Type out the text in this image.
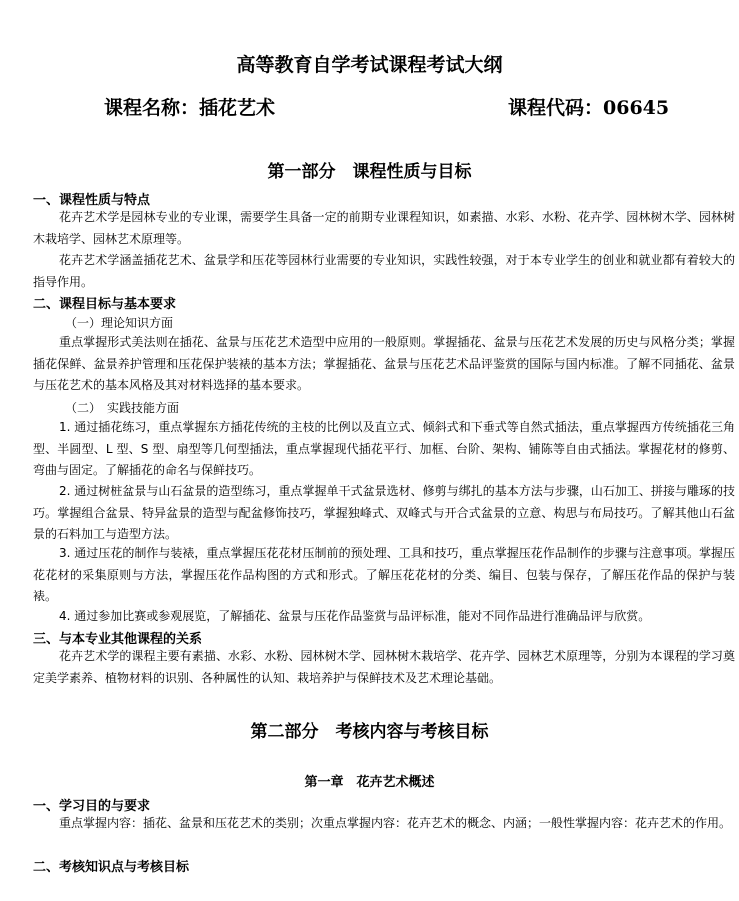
高等教育自学考试课程考试大纲
课程名称：插花艺术	课程代码：06645
第一部分　课程性质与目标
一、课程性质与特点
花卉艺术学是园林专业的专业课，需要学生具备一定的前期专业课程知识，如素描、水彩、水粉、花卉学、园林树木学、园林树木栽培学、园林艺术原理等。
花卉艺术学涵盖插花艺术、盆景学和压花等园林行业需要的专业知识，实践性较强，对于本专业学生的创业和就业都有着较大的指导作用。
二、课程目标与基本要求
（一）理论知识方面
重点掌握形式美法则在插花、盆景与压花艺术造型中应用的一般原则。掌握插花、盆景与压花艺术发展的历史与风格分类；掌握插花保鲜、盆景养护管理和压花保护装裱的基本方法；掌握插花、盆景与压花艺术品评鉴赏的国际与国内标准。了解不同插花、盆景与压花艺术的基本风格及其对材料选择的基本要求。
（二）　实践技能方面
1. 通过插花练习，重点掌握东方插花传统的主枝的比例以及直立式、倾斜式和下垂式等自然式插法，重点掌握西方传统插花三角型、半圆型、L 型、S 型、扇型等几何型插法，重点掌握现代插花平行、加框、台阶、架构、铺陈等自由式插法。掌握花材的修剪、弯曲与固定。了解插花的命名与保鲜技巧。
2. 通过树桩盆景与山石盆景的造型练习，重点掌握单干式盆景选材、修剪与绑扎的基本方法与步骤，山石加工、拼接与雕琢的技巧。掌握组合盆景、特异盆景的造型与配盆修饰技巧，掌握独峰式、双峰式与开合式盆景的立意、构思与布局技巧。了解其他山石盆景的石料加工与造型方法。
3. 通过压花的制作与装裱，重点掌握压花花材压制前的预处理、工具和技巧，重点掌握压花作品制作的步骤与注意事项。掌握压花花材的采集原则与方法，掌握压花作品构图的方式和形式。了解压花花材的分类、编目、包装与保存，了解压花作品的保护与装裱。
4. 通过参加比赛或参观展览，了解插花、盆景与压花作品鉴赏与品评标准，能对不同作品进行准确品评与欣赏。
三、与本专业其他课程的关系
花卉艺术学的课程主要有素描、水彩、水粉、园林树木学、园林树木栽培学、花卉学、园林艺术原理等，分别为本课程的学习奠定美学素养、植物材料的识别、各种属性的认知、栽培养护与保鲜技术及艺术理论基础。
第二部分　考核内容与考核目标
第一章　花卉艺术概述
一、学习目的与要求
重点掌握内容：插花、盆景和压花艺术的类别；次重点掌握内容：花卉艺术的概念、内涵；一般性掌握内容：花卉艺术的作用。
二、考核知识点与考核目标
